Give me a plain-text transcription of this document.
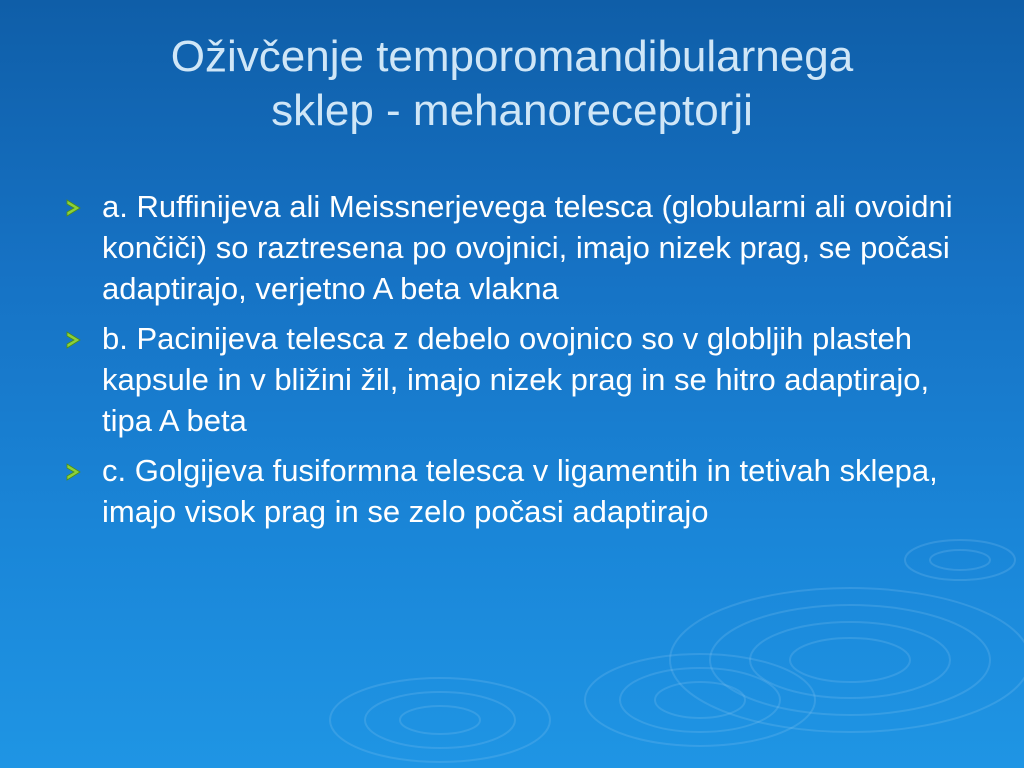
Oživčenje temporomandibularnega
sklep - mehanoreceptorji
a. Ruffinijeva ali Meissnerjevega telesca (globularni ali ovoidni končiči) so raztresena po ovojnici, imajo nizek prag, se počasi adaptirajo, verjetno A beta vlakna
b. Pacinijeva telesca z debelo ovojnico so v globljih plasteh kapsule in v bližini žil, imajo nizek prag in se hitro adaptirajo, tipa A beta
c. Golgijeva fusiformna telesca v ligamentih in tetivah sklepa, imajo visok prag in se zelo počasi adaptirajo
